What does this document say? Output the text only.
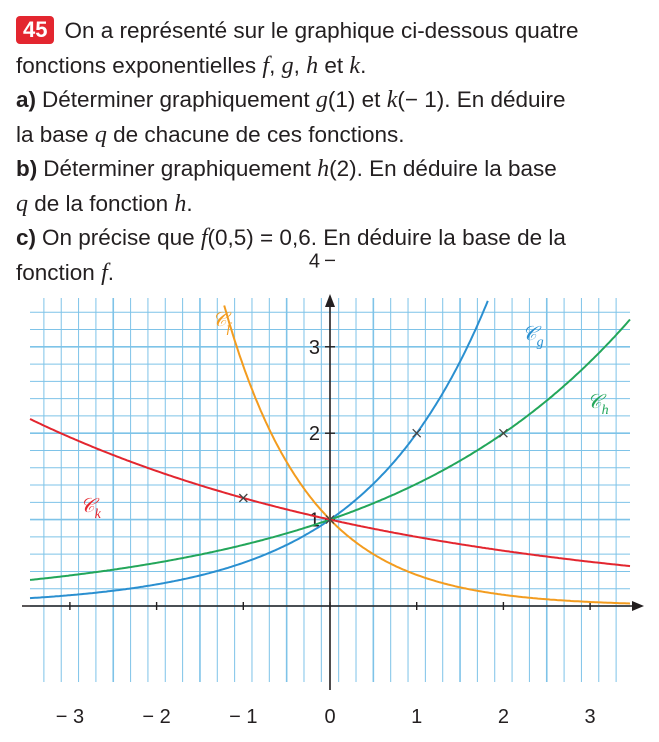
45 On a représenté sur le graphique ci-dessous quatre
fonctions exponentielles f, g, h et k.
a) Déterminer graphiquement g(1) et k(− 1). En déduire
la base q de chacune de ces fonctions.
b) Déterminer graphiquement h(2). En déduire la base
q de la fonction h.
c) On précise que f(0,5) = 0,6. En déduire la base de la
fonction f.
− 3	− 2	− 1	0	1	2	3
1
2
3
4
𝒞$_f$	𝒞$_g$
𝒞$_h$
𝒞$_k$
